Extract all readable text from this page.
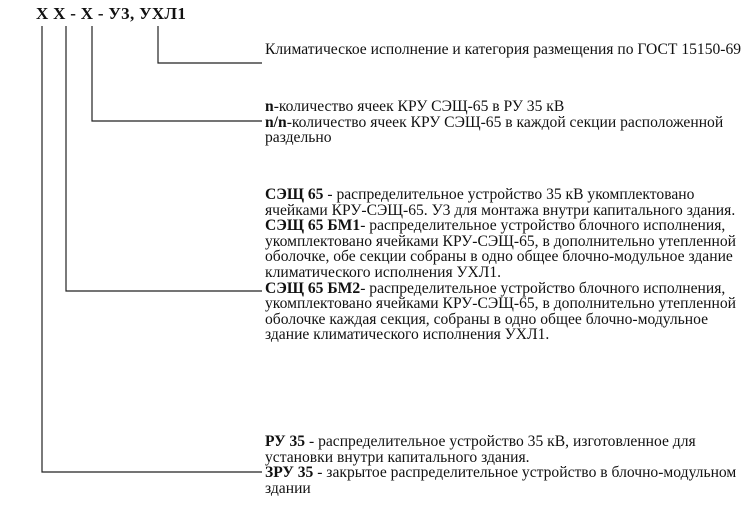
Х Х - Х - У3, УХЛ1

Климатическое исполнение и категория размещения по ГОСТ 15150-69

n-количество ячеек КРУ СЭЩ-65 в РУ 35 кВ

n/n-количество ячеек КРУ СЭЩ-65 в каждой секции расположенной раздельно

СЭЩ 65 - распределительное устройство 35 кВ укомплектовано ячейками КРУ-СЭЩ-65. У3 для монтажа внутри капитального здания.

СЭЩ 65 БМ1- распределительное устройство блочного исполнения, укомплектовано ячейками КРУ-СЭЩ-65, в дополнительно утепленной оболочке, обе секции собраны в одно общее блочно-модульное здание климатического исполнения УХЛ1.

СЭЩ 65 БМ2- распределительное устройство блочного исполнения, укомплектовано ячейками КРУ-СЭЩ-65, в дополнительно утепленной оболочке каждая секция, собраны в одно общее блочно-модульное здание климатического исполнения УХЛ1.

РУ 35 - распределительное устройство 35 кВ, изготовленное для установки внутри капитального здания.

ЗРУ 35 - закрытое распределительное устройство в блочно-модульном здании
